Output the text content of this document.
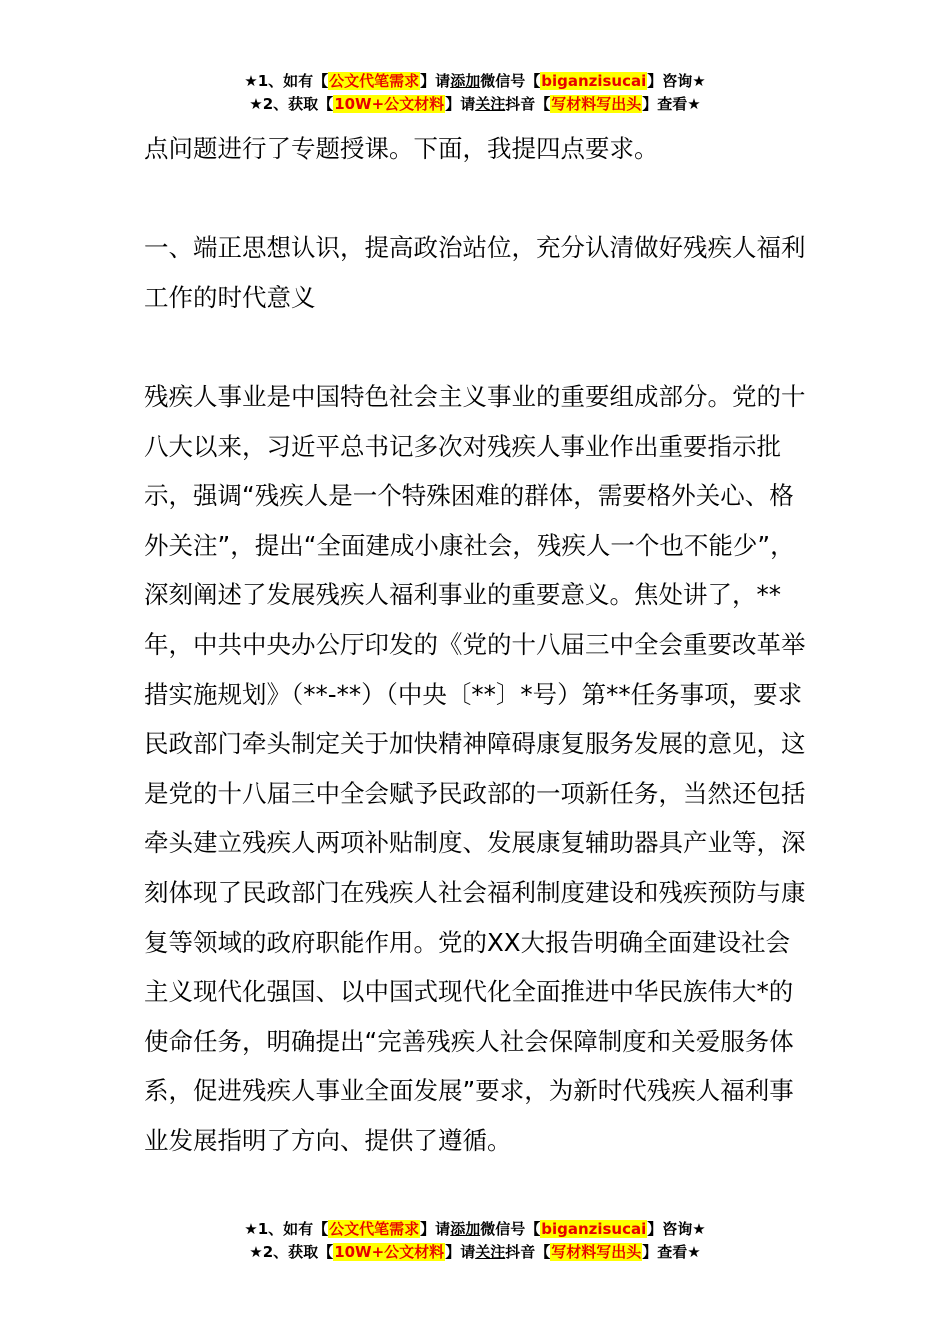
★1、如有【公文代笔需求】请添加微信号【biganzisucai】咨询★
★2、获取【10W+公文材料】请关注抖音【写材料写出头】查看★

点问题进行了专题授课。下面，我提四点要求。

一、端正思想认识，提高政治站位，充分认清做好残疾人福利工作的时代意义

残疾人事业是中国特色社会主义事业的重要组成部分。党的十八大以来，习近平总书记多次对残疾人事业作出重要指示批示，强调“残疾人是一个特殊困难的群体，需要格外关心、格外关注”，提出“全面建成小康社会，残疾人一个也不能少”，深刻阐述了发展残疾人福利事业的重要意义。焦处讲了，**年，中共中央办公厅印发的《党的十八届三中全会重要改革举措实施规划》（**-**）（中央〔**〕*号）第**任务事项，要求民政部门牵头制定关于加快精神障碍康复服务发展的意见，这是党的十八届三中全会赋予民政部的一项新任务，当然还包括牵头建立残疾人两项补贴制度、发展康复辅助器具产业等，深刻体现了民政部门在残疾人社会福利制度建设和残疾预防与康复等领域的政府职能作用。党的XX大报告明确全面建设社会主义现代化强国、以中国式现代化全面推进中华民族伟大*的使命任务，明确提出“完善残疾人社会保障制度和关爱服务体系，促进残疾人事业全面发展”要求，为新时代残疾人福利事业发展指明了方向、提供了遵循。

★1、如有【公文代笔需求】请添加微信号【biganzisucai】咨询★
★2、获取【10W+公文材料】请关注抖音【写材料写出头】查看★
